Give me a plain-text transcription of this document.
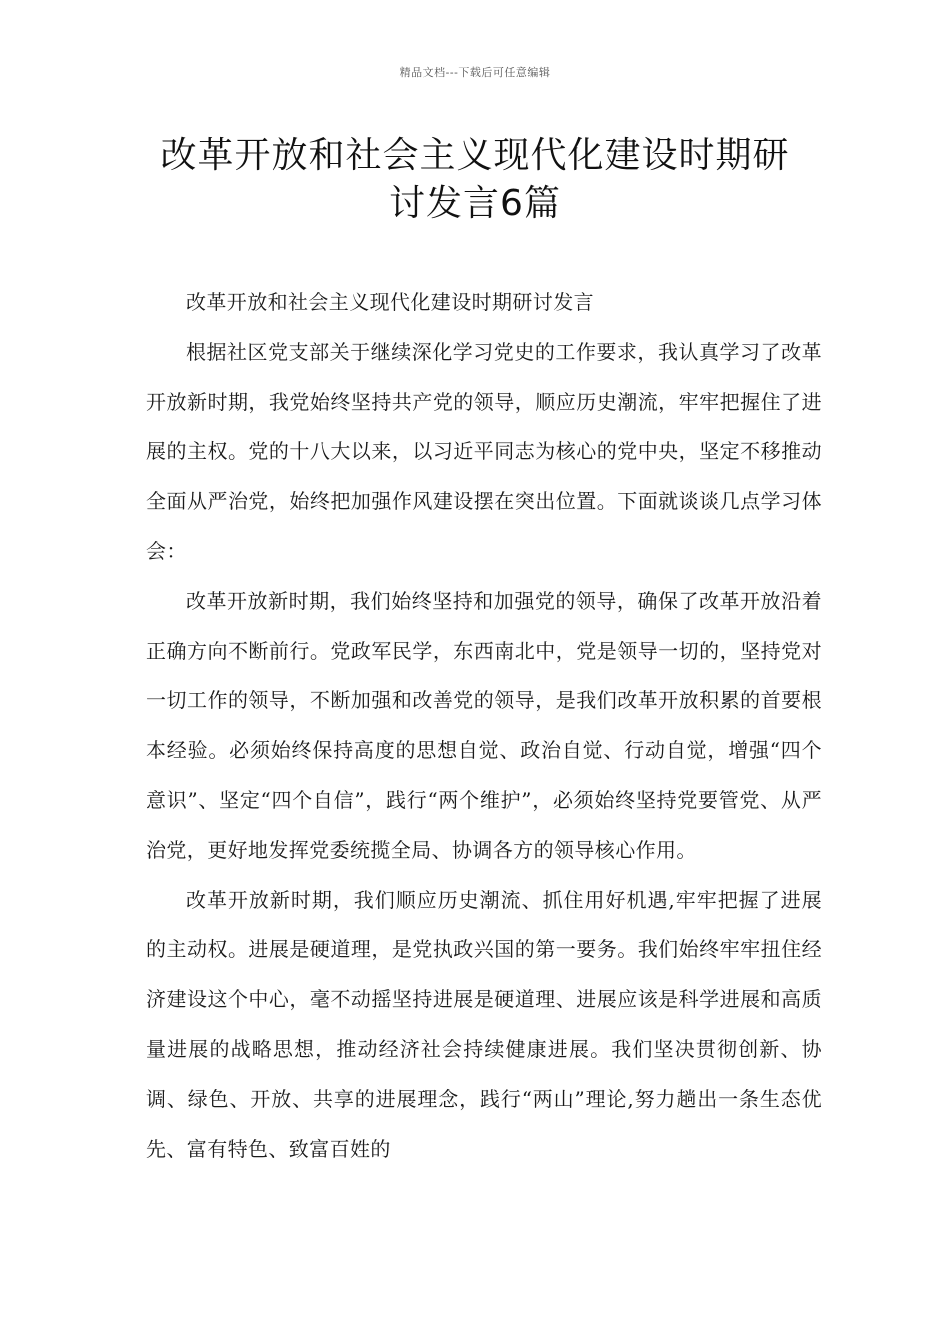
精品文档---下载后可任意编辑
改革开放和社会主义现代化建设时期研
讨发言6篇

改革开放和社会主义现代化建设时期研讨发言

根据社区党支部关于继续深化学习党史的工作要求，我认真学习了改革开放新时期，我党始终坚持共产党的领导，顺应历史潮流，牢牢把握住了进展的主权。党的十八大以来，以习近平同志为核心的党中央，坚定不移推动全面从严治党，始终把加强作风建设摆在突出位置。下面就谈谈几点学习体会：

改革开放新时期，我们始终坚持和加强党的领导，确保了改革开放沿着正确方向不断前行。党政军民学，东西南北中，党是领导一切的，坚持党对一切工作的领导，不断加强和改善党的领导，是我们改革开放积累的首要根本经验。必须始终保持高度的思想自觉、政治自觉、行动自觉，增强“四个意识”、坚定“四个自信”，践行“两个维护”，必须始终坚持党要管党、从严治党，更好地发挥党委统揽全局、协调各方的领导核心作用。

改革开放新时期，我们顺应历史潮流、抓住用好机遇,牢牢把握了进展的主动权。进展是硬道理，是党执政兴国的第一要务。我们始终牢牢扭住经济建设这个中心，毫不动摇坚持进展是硬道理、进展应该是科学进展和高质量进展的战略思想，推动经济社会持续健康进展。我们坚决贯彻创新、协调、绿色、开放、共享的进展理念，践行“两山”理论,努力趟出一条生态优先、富有特色、致富百姓的
